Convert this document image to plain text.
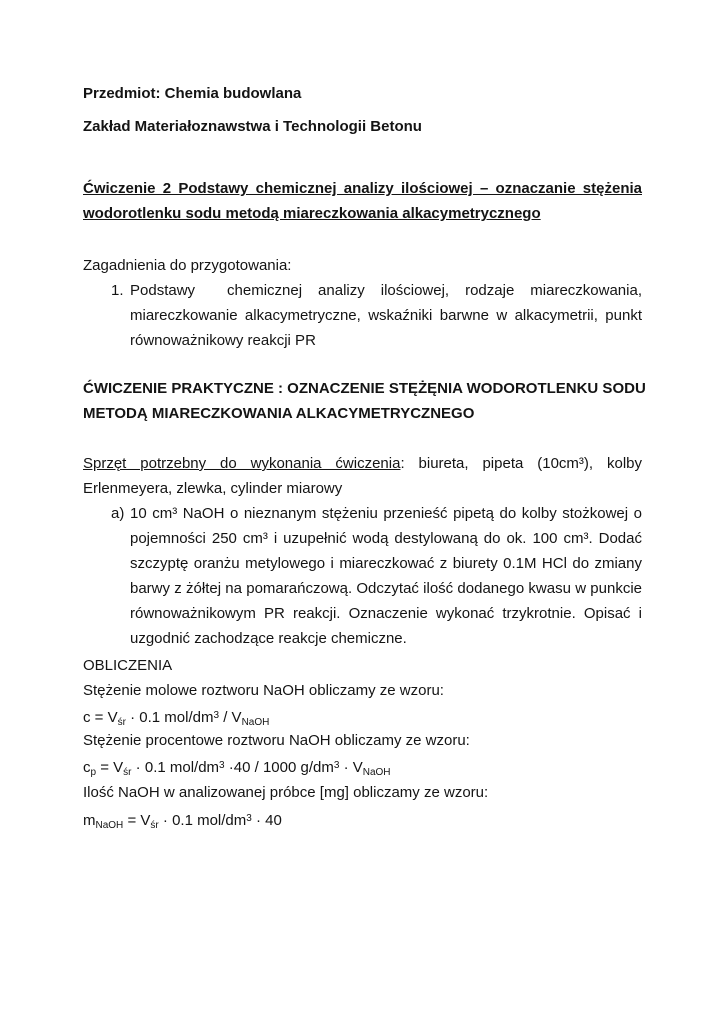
Przedmiot: Chemia budowlana
Zakład Materiałoznawstwa i Technologii Betonu
Ćwiczenie 2 Podstawy chemicznej analizy ilościowej – oznaczanie stężenia
wodorotlenku sodu metodą miareczkowania alkacymetrycznego
Zagadnienia do przygotowania:
1. Podstawy  chemicznej analizy ilościowej, rodzaje miareczkowania,
miareczkowanie alkacymetryczne, wskaźniki barwne w alkacymetrii, punkt
równoważnikowy reakcji PR
ĆWICZENIE PRAKTYCZNE : OZNACZENIE STĘŻĘNIA WODOROTLENKU SODU
METODĄ MIARECZKOWANIA ALKACYMETRYCZNEGO
Sprzęt potrzebny do wykonania ćwiczenia: biureta, pipeta (10cm³), kolby
Erlenmeyera, zlewka, cylinder miarowy
a) 10 cm³ NaOH o nieznanym stężeniu przenieść pipetą do kolby stożkowej o
pojemności 250 cm³ i uzupełnić wodą destylowaną do ok. 100 cm³. Dodać
szczyptę oranżu metylowego i miareczkować z biurety 0.1M HCl do zmiany
barwy z żółtej na pomarańczową. Odczytać ilość dodanego kwasu w punkcie
równoważnikowym PR reakcji. Oznaczenie wykonać trzykrotnie. Opisać i
uzgodnić zachodzące reakcje chemiczne.
OBLICZENIA
Stężenie molowe roztworu NaOH obliczamy ze wzoru:
$c = V_{śr} \cdot 0.1$ mol/$dm^3 / V_{NaOH}$
Stężenie procentowe roztworu NaOH obliczamy ze wzoru:
$c_p = V_{śr} \cdot 0.1$ mol/$dm^3 \cdot 40 / 1000$ $g/dm^3 \cdot V_{NaOH}$
Ilość NaOH w analizowanej próbce [mg] obliczamy ze wzoru:
$m_{NaOH} = V_{śr} \cdot 0.1$ mol/$dm^3 \cdot 40$
